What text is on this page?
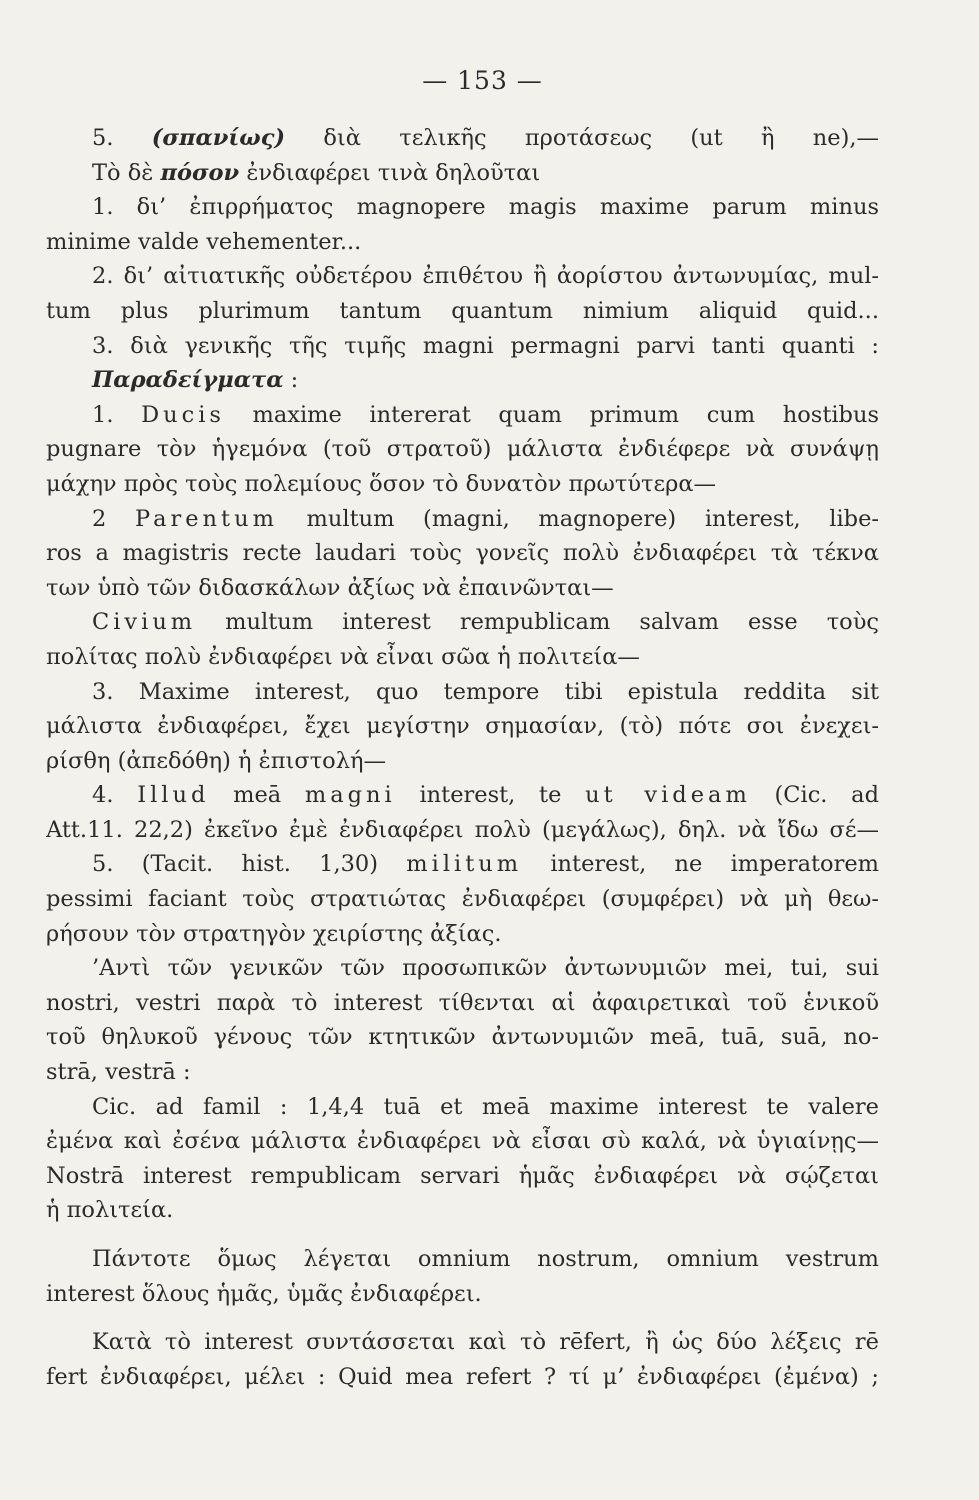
— 153 —
5. (σπανίως) διὰ τελικῆς προτάσεως (ut ἢ ne),—
Τὸ δὲ πόσον ἐνδιαφέρει τινὰ δηλοῦται
1. δι’ ἐπιρρήματος magnopere magis maxime parum minus
minime valde vehementer...
2. δι’ αἰτιατικῆς οὐδετέρου ἐπιθέτου ἢ ἀορίστου ἀντωνυμίας, mul-
tum plus plurimum tantum quantum nimium aliquid quid...
3. διὰ γενικῆς τῆς τιμῆς magni permagni parvi tanti quanti :
Παραδείγματα :
1. Ducis maxime intererat quam primum cum hostibus
pugnare τὸν ἡγεμόνα (τοῦ στρατοῦ) μάλιστα ἐνδιέφερε νὰ συνάψῃ
μάχην πρὸς τοὺς πολεμίους ὅσον τὸ δυνατὸν πρωτύτερα—
2 Parentum multum (magni, magnopere) interest, libe-
ros a magistris recte laudari τοὺς γονεῖς πολὺ ἐνδιαφέρει τὰ τέκνα
των ὑπὸ τῶν διδασκάλων ἀξίως νὰ ἐπαινῶνται—
Civium multum interest rempublicam salvam esse τοὺς
πολίτας πολὺ ἐνδιαφέρει νὰ εἶναι σῶα ἡ πολιτεία—
3. Maxime interest, quo tempore tibi epistula reddita sit
μάλιστα ἐνδιαφέρει, ἔχει μεγίστην σημασίαν, (τὸ) πότε σοι ἐνεχει-
ρίσθη (ἀπεδόθη) ἡ ἐπιστολή—
4. Illud meā magni interest, te ut videam (Cic. ad
Att.11. 22,2) ἐκεῖνο ἐμὲ ἐνδιαφέρει πολὺ (μεγάλως), δηλ. νὰ ἴδω σέ—
5. (Tacit. hist. 1,30) militum interest, ne imperatorem
pessimi faciant τοὺς στρατιώτας ἐνδιαφέρει (συμφέρει) νὰ μὴ θεω-
ρήσουν τὸν στρατηγὸν χειρίστης ἀξίας.
’Αντὶ τῶν γενικῶν τῶν προσωπικῶν ἀντωνυμιῶν mei, tui, sui
nostri, vestri παρὰ τὸ interest τίθενται αἱ ἀφαιρετικαὶ τοῦ ἑνικοῦ
τοῦ θηλυκοῦ γένους τῶν κτητικῶν ἀντωνυμιῶν meā, tuā, suā, no-
strā, vestrā :
Cic. ad famil : 1,4,4 tuā et meā maxime interest te valere
ἐμένα καὶ ἐσένα μάλιστα ἐνδιαφέρει νὰ εἶσαι σὺ καλά, νὰ ὑγιαίνῃς—
Nostrā interest rempublicam servari ἡμᾶς ἐνδιαφέρει νὰ σῴζεται
ἡ πολιτεία.
Πάντοτε ὅμως λέγεται omnium nostrum, omnium vestrum
interest ὅλους ἡμᾶς, ὑμᾶς ἐνδιαφέρει.
Κατὰ τὸ interest συντάσσεται καὶ τὸ rēfert, ἢ ὡς δύο λέξεις rē
fert ἐνδιαφέρει, μέλει : Quid mea refert ? τί μ’ ἐνδιαφέρει (ἐμένα) ;
